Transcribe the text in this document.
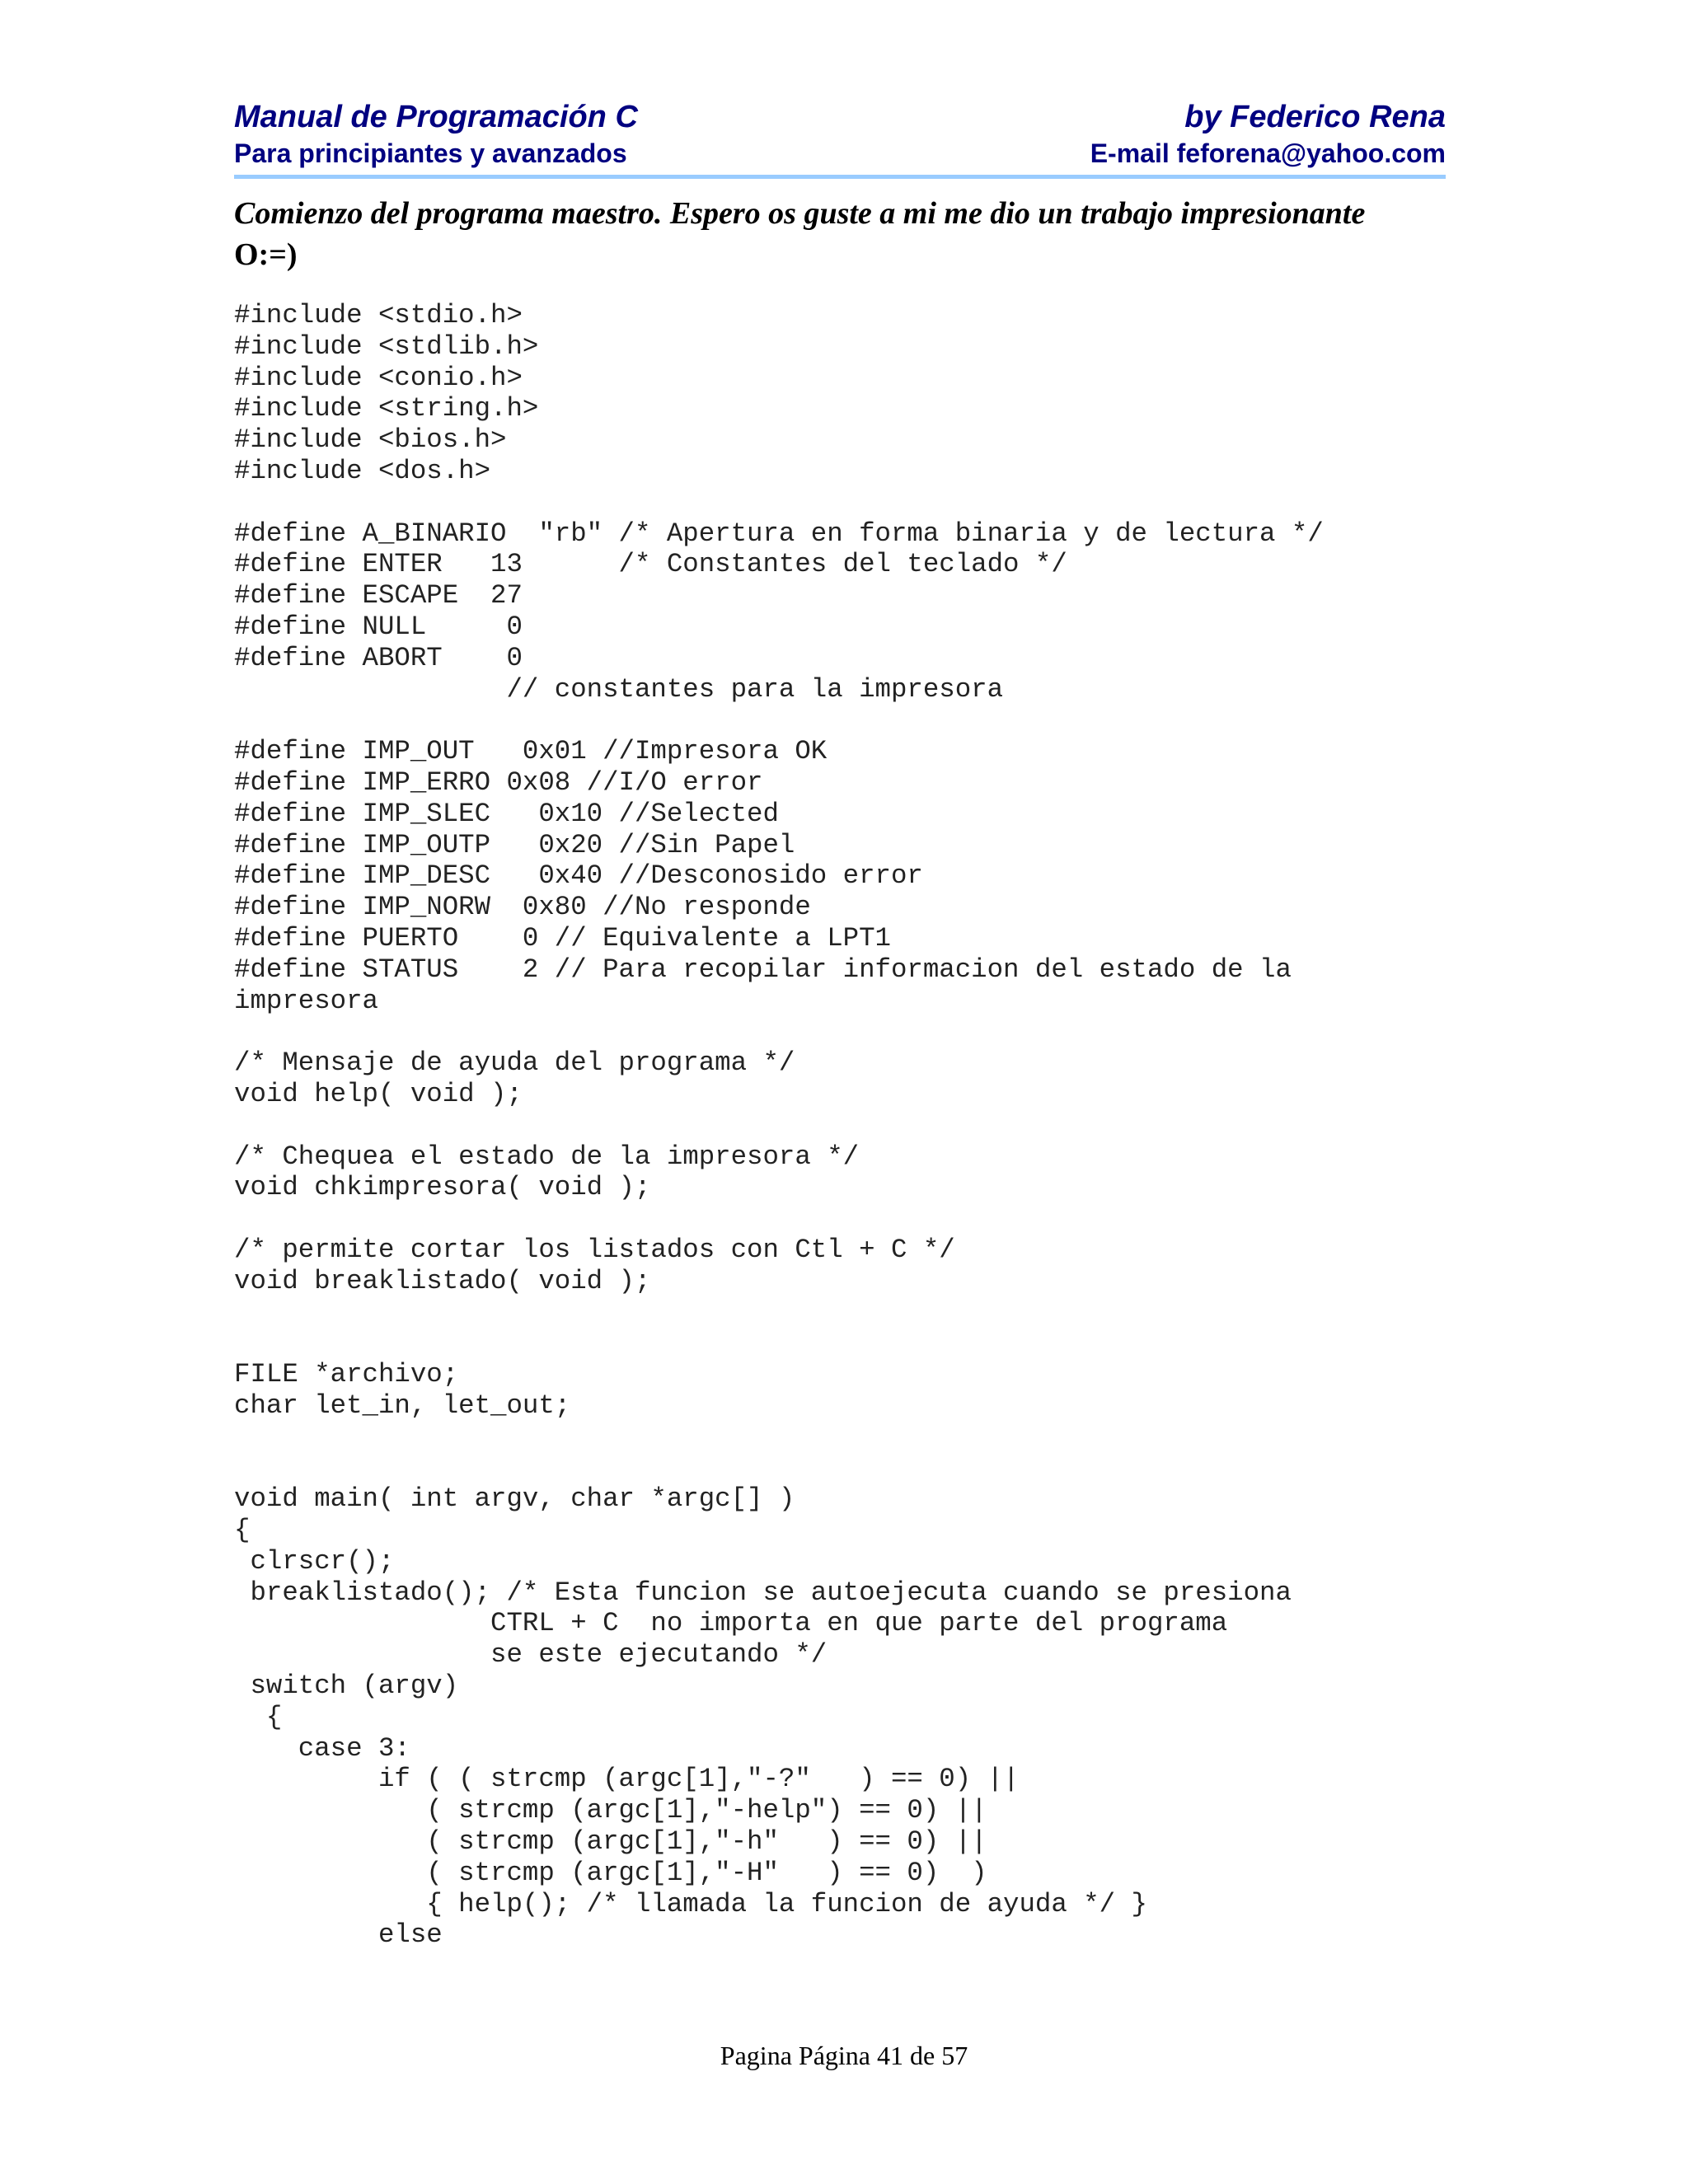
Manual de Programación C	by Federico Rena
Para principiantes y avanzados	E-mail feforena@yahoo.com
Comienzo del programa maestro. Espero os guste a mi me dio un trabajo impresionante
O:=)
#include <stdio.h>
#include <stdlib.h>
#include <conio.h>
#include <string.h>
#include <bios.h>
#include <dos.h>

#define A_BINARIO  "rb" /* Apertura en forma binaria y de lectura */
#define ENTER   13      /* Constantes del teclado */
#define ESCAPE  27
#define NULL     0
#define ABORT    0
// constantes para la impresora

#define IMP_OUT   0x01 //Impresora OK
#define IMP_ERRO 0x08 //I/O error
#define IMP_SLEC   0x10 //Selected
#define IMP_OUTP   0x20 //Sin Papel
#define IMP_DESC   0x40 //Desconosido error
#define IMP_NORW  0x80 //No responde
#define PUERTO    0 // Equivalente a LPT1
#define STATUS    2 // Para recopilar informacion del estado de la
impresora

/* Mensaje de ayuda del programa */
void help( void );

/* Chequea el estado de la impresora */
void chkimpresora( void );

/* permite cortar los listados con Ctl + C */
void breaklistado( void );

FILE *archivo;
char let_in, let_out;

void main( int argv, char *argc[] )
{
clrscr();
breaklistado(); /* Esta funcion se autoejecuta cuando se presiona
CTRL + C  no importa en que parte del programa
se este ejecutando */
switch (argv)
{
case 3:
if ( ( strcmp (argc[1],"-?"   ) == 0) ||
( strcmp (argc[1],"-help") == 0) ||
( strcmp (argc[1],"-h"   ) == 0) ||
( strcmp (argc[1],"-H"   ) == 0)  )
{ help(); /* llamada la funcion de ayuda */ }
else
Pagina Página 41 de 57
